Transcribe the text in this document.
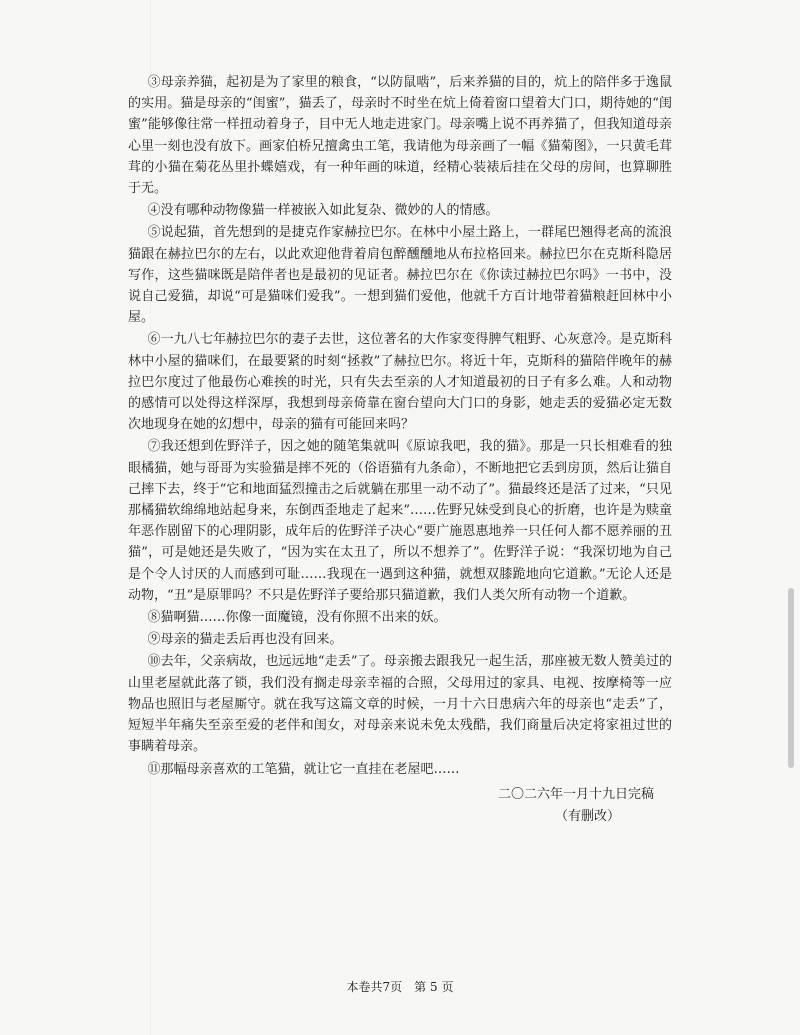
③母亲养猫，起初是为了家里的粮食，“以防鼠啮”，后来养猫的目的，炕上的陪伴多于逸鼠的实用。猫是母亲的“闺蜜”，猫丢了，母亲时不时坐在炕上倚着窗口望着大门口，期待她的“闺蜜”能够像往常一样扭动着身子，目中无人地走进家门。母亲嘴上说不再养猫了，但我知道母亲心里一刻也没有放下。画家伯桥兄擅禽虫工笔，我请他为母亲画了一幅《猫菊图》，一只黄毛茸茸的小猫在菊花丛里扑蝶嬉戏，有一种年画的味道，经精心装裱后挂在父母的房间，也算聊胜于无。

④没有哪种动物像猫一样被嵌入如此复杂、微妙的人的情感。

⑤说起猫，首先想到的是捷克作家赫拉巴尔。在林中小屋土路上，一群尾巴翘得老高的流浪猫跟在赫拉巴尔的左右，以此欢迎他背着肩包醉醺醺地从布拉格回来。赫拉巴尔在克斯科隐居写作，这些猫咪既是陪伴者也是最初的见证者。赫拉巴尔在《你读过赫拉巴尔吗》一书中，没说自己爱猫，却说“可是猫咪们爱我”。一想到猫们爱他，他就千方百计地带着猫粮赶回林中小屋。

⑥一九八七年赫拉巴尔的妻子去世，这位著名的大作家变得脾气粗野、心灰意冷。是克斯科林中小屋的猫咪们，在最要紧的时刻“拯救”了赫拉巴尔。将近十年，克斯科的猫陪伴晚年的赫拉巴尔度过了他最伤心难挨的时光，只有失去至亲的人才知道最初的日子有多么难。人和动物的感情可以处得这样深厚，我想到母亲倚靠在窗台望向大门口的身影，她走丢的爱猫必定无数次地现身在她的幻想中，母亲的猫有可能回来吗？

⑦我还想到佐野洋子，因之她的随笔集就叫《原谅我吧，我的猫》。那是一只长相难看的独眼橘猫，她与哥哥为实验猫是摔不死的（俗语猫有九条命），不断地把它丢到房顶，然后让猫自己摔下去，终于“它和地面猛烈撞击之后就躺在那里一动不动了”。猫最终还是活了过来，“只见那橘猫软绵绵地站起身来，东倒西歪地走了起来”……佐野兄妹受到良心的折磨，也许是为赎童年恶作剧留下的心理阴影，成年后的佐野洋子决心“要广施恩惠地养一只任何人都不愿养丽的丑猫”，可是她还是失败了，“因为实在太丑了，所以不想养了”。佐野洋子说：“我深切地为自己是个令人讨厌的人而感到可耻……我现在一遇到这种猫，就想双膝跪地向它道歉。”无论人还是动物，“丑”是原罪吗？不只是佐野洋子要给那只猫道歉，我们人类欠所有动物一个道歉。

⑧猫啊猫……你像一面魔镜，没有你照不出来的妖。

⑨母亲的猫走丢后再也没有回来。

⑩去年，父亲病故，也远远地“走丢”了。母亲搬去跟我兄一起生活，那座被无数人赞美过的山里老屋就此落了锁，我们没有搁走母亲幸福的合照，父母用过的家具、电视、按摩椅等一应物品也照旧与老屋厮守。就在我写这篇文章的时候，一月十六日患病六年的母亲也“走丢”了，短短半年痛失至亲至爱的老伴和闺女，对母亲来说未免太残酷，我们商量后决定将家祖过世的事瞒着母亲。

⑪那幅母亲喜欢的工笔猫，就让它一直挂在老屋吧……

二〇二六年一月十九日完稿
（有删改）
本卷共7页　第 5 页
